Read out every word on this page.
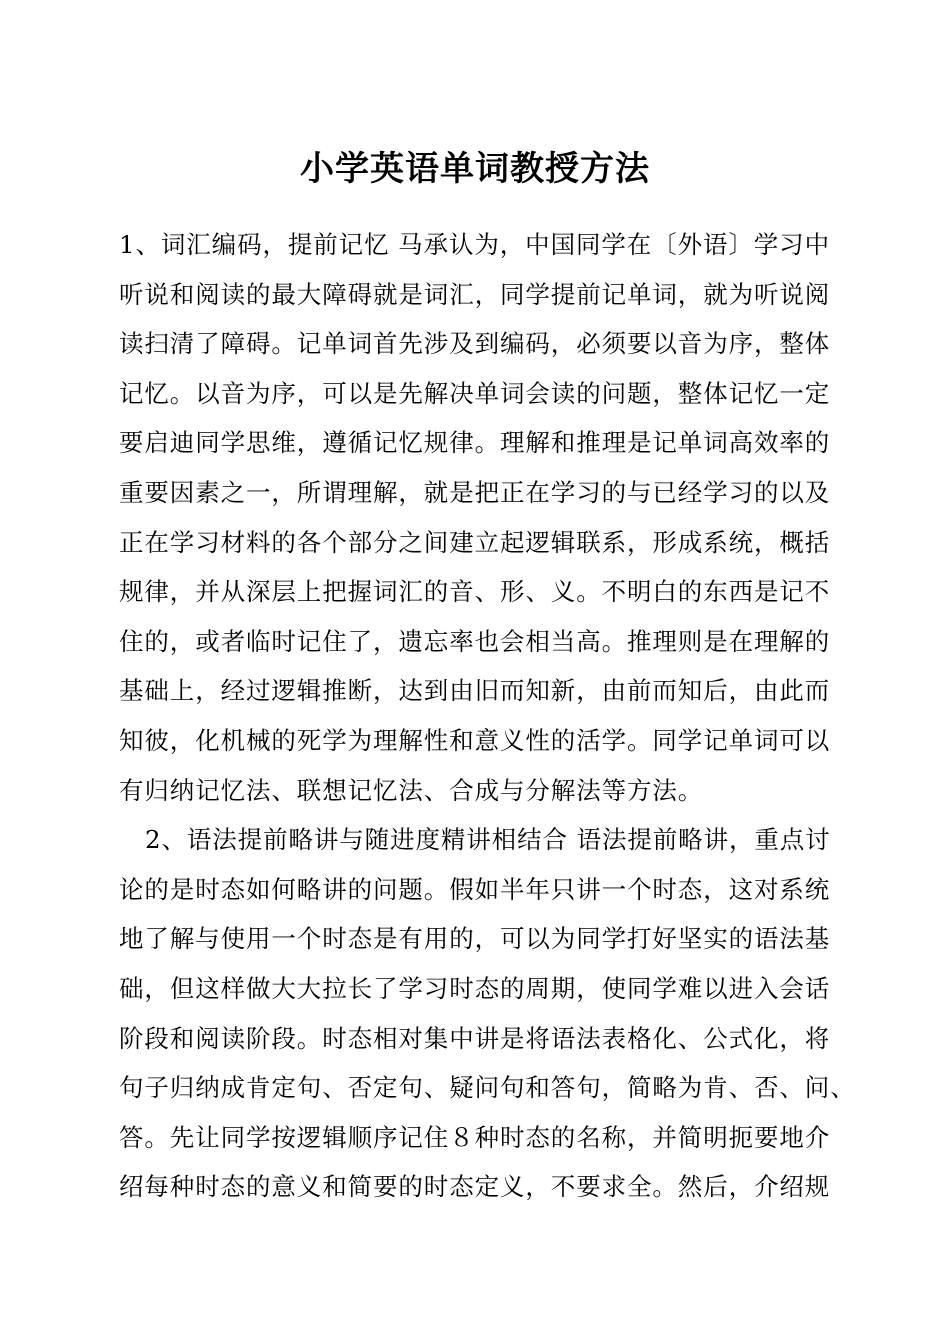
小学英语单词教授方法
1、词汇编码，提前记忆 马承认为，中国同学在〔外语〕学习中
听说和阅读的最大障碍就是词汇，同学提前记单词，就为听说阅
读扫清了障碍。记单词首先涉及到编码，必须要以音为序，整体
记忆。以音为序，可以是先解决单词会读的问题，整体记忆一定
要启迪同学思维，遵循记忆规律。理解和推理是记单词高效率的
重要因素之一，所谓理解，就是把正在学习的与已经学习的以及
正在学习材料的各个部分之间建立起逻辑联系，形成系统，概括
规律，并从深层上把握词汇的音、形、义。不明白的东西是记不
住的，或者临时记住了，遗忘率也会相当高。推理则是在理解的
基础上，经过逻辑推断，达到由旧而知新，由前而知后，由此而
知彼，化机械的死学为理解性和意义性的活学。同学记单词可以
有归纳记忆法、联想记忆法、合成与分解法等方法。
2、语法提前略讲与随进度精讲相结合 语法提前略讲，重点讨
论的是时态如何略讲的问题。假如半年只讲一个时态，这对系统
地了解与使用一个时态是有用的，可以为同学打好坚实的语法基
础，但这样做大大拉长了学习时态的周期，使同学难以进入会话
阶段和阅读阶段。时态相对集中讲是将语法表格化、公式化，将
句子归纳成肯定句、否定句、疑问句和答句，简略为肯、否、问、
答。先让同学按逻辑顺序记住８种时态的名称，并简明扼要地介
绍每种时态的意义和简要的时态定义，不要求全。然后，介绍规
